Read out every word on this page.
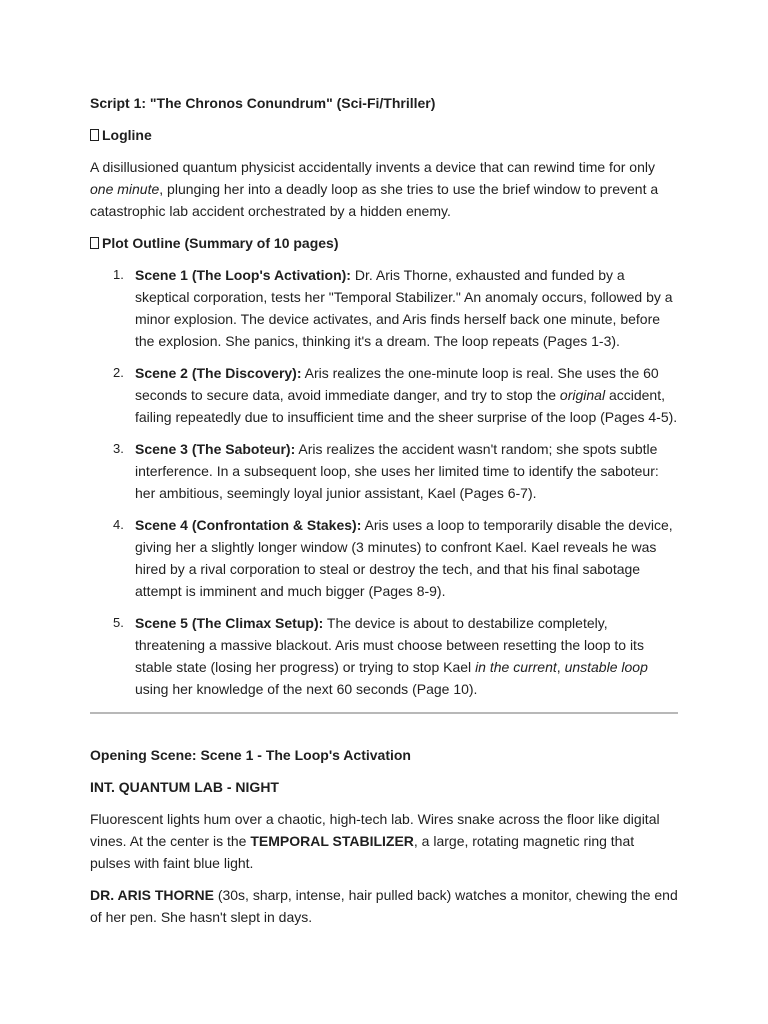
Script 1: "The Chronos Conundrum" (Sci-Fi/Thriller)

Logline

A disillusioned quantum physicist accidentally invents a device that can rewind time for only one minute, plunging her into a deadly loop as she tries to use the brief window to prevent a catastrophic lab accident orchestrated by a hidden enemy.

Plot Outline (Summary of 10 pages)

1. Scene 1 (The Loop's Activation): Dr. Aris Thorne, exhausted and funded by a skeptical corporation, tests her "Temporal Stabilizer." An anomaly occurs, followed by a minor explosion. The device activates, and Aris finds herself back one minute, before the explosion. She panics, thinking it's a dream. The loop repeats (Pages 1-3).
2. Scene 2 (The Discovery): Aris realizes the one-minute loop is real. She uses the 60 seconds to secure data, avoid immediate danger, and try to stop the original accident, failing repeatedly due to insufficient time and the sheer surprise of the loop (Pages 4-5).
3. Scene 3 (The Saboteur): Aris realizes the accident wasn't random; she spots subtle interference. In a subsequent loop, she uses her limited time to identify the saboteur: her ambitious, seemingly loyal junior assistant, Kael (Pages 6-7).
4. Scene 4 (Confrontation & Stakes): Aris uses a loop to temporarily disable the device, giving her a slightly longer window (3 minutes) to confront Kael. Kael reveals he was hired by a rival corporation to steal or destroy the tech, and that his final sabotage attempt is imminent and much bigger (Pages 8-9).
5. Scene 5 (The Climax Setup): The device is about to destabilize completely, threatening a massive blackout. Aris must choose between resetting the loop to its stable state (losing her progress) or trying to stop Kael in the current, unstable loop using her knowledge of the next 60 seconds (Page 10).

Opening Scene: Scene 1 - The Loop's Activation

INT. QUANTUM LAB - NIGHT

Fluorescent lights hum over a chaotic, high-tech lab. Wires snake across the floor like digital vines. At the center is the TEMPORAL STABILIZER, a large, rotating magnetic ring that pulses with faint blue light.

DR. ARIS THORNE (30s, sharp, intense, hair pulled back) watches a monitor, chewing the end of her pen. She hasn't slept in days.
